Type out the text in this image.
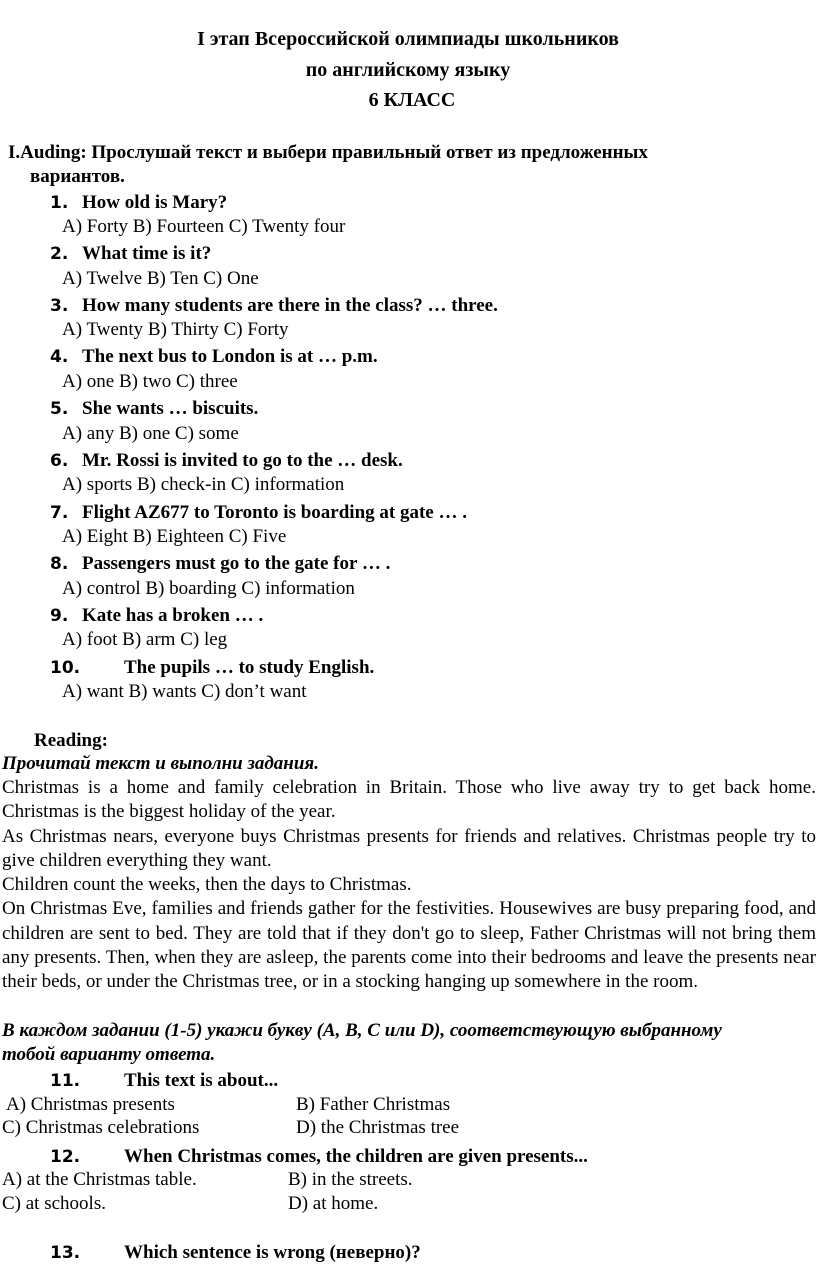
I этап Всероссийской олимпиады школьников
по английскому языку
6 КЛАСС
I.Auding: Прослушай текст и выбери правильный ответ из предложенных
вариантов.
1. How old is Mary?
A) Forty B) Fourteen C) Twenty four
2. What time is it?
A) Twelve B) Ten C) One
3. How many students are there in the class? … three.
A) Twenty B) Thirty C) Forty
4. The next bus to London is at … p.m.
A) one B) two C) three
5. She wants … biscuits.
A) any B) one C) some
6. Mr. Rossi is invited to go to the … desk.
A) sports B) check-in C) information
7. Flight AZ677 to Toronto is boarding at gate … .
A) Eight B) Eighteen C) Five
8. Passengers must go to the gate for … .
A) control B) boarding C) information
9. Kate has a broken … .
A) foot B) arm C) leg
10. The pupils … to study English.
A) want B) wants C) don’t want
Reading:
Прочитай текст и выполни задания.

Christmas is a home and family celebration in Britain. Those who live away try to get back home. Christmas is the biggest holiday of the year.

As Christmas nears, everyone buys Christmas presents for friends and relatives. Christmas people try to give children everything they want.

Children count the weeks, then the days to Christmas.

On Christmas Eve, families and friends gather for the festivities. Housewives are busy preparing food, and children are sent to bed. They are told that if they don't go to sleep, Father Christmas will not bring them any presents. Then, when they are asleep, the parents come into their bedrooms and leave the presents near their beds, or under the Christmas tree, or in a stocking hanging up somewhere in the room.

В каждом задании (1-5) укажи букву (A, B, C или D), соответствующую выбранному
тобой варианту ответа.
11. This text is about...
A) Christmas presents	B) Father Christmas
C) Christmas celebrations	D) the Christmas tree
12. When Christmas comes, the children are given presents...
A) at the Christmas table.	B) in the streets.
C) at schools.	D) at home.
13. Which sentence is wrong (неверно)?
